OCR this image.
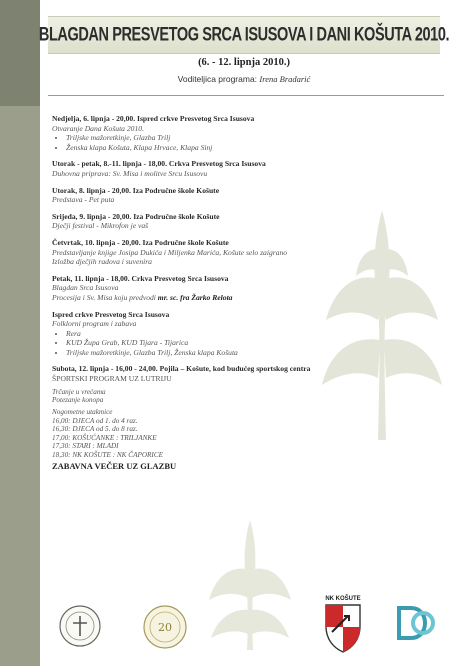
BLAGDAN PRESVETOG SRCA ISUSOVA I DANI KOŠUTA 2010.
(6. - 12. lipnja 2010.)
Voditeljica programa: Irena Bradarić
Nedjelja, 6. lipnja - 20,00. Ispred crkve Presvetog Srca Isusova
Otvaranje Dana Košuta 2010.
• Triljske mažoretkinje, Glazba Trilj
• Ženska klapa Košuta, Klapa Hrvace, Klapa Sinj
Utorak - petak, 8.-11. lipnja - 18,00. Crkva Presvetog Srca Isusova
Duhovna priprava: Sv. Misa i molitve Srcu Isusovu
Utorak, 8. lipnja - 20,00. Iza Područne škole Košute
Predstava - Pet puta
Srijeda, 9. lipnja - 20,00. Iza Područne škole Košute
Dječji festival - Mikrofon je vaš
Četvrtak, 10. lipnja - 20,00. Iza Područne škole Košute
Predstavljanje knjige Josipa Dukića i Miljenka Marića, Košute selo zaigrano
Izložba dječjih radova i suvenira
Petak, 11. lipnja - 18,00. Crkva Presvetog Srca Isusova
Blagdan Srca Isusova
Procesija i Sv. Misa koju predvodi mr. sc. fra Žarko Relota
Ispred crkve Presvetog Srca Isusova
Folklorni program i zabava
• Rera
• KUD Župa Grab, KUD Tijara - Tijarica
• Triljske mažoretkinje, Glazba Trilj, Ženska klapa Košuta
Subota, 12. lipnja - 16,00 - 24,00. Pojila – Košute, kod budućeg sportskog centra
ŠPORTSKI PROGRAM UZ LUTRIJU
Trčanje u vrećama
Potezanje konopa
Nogometne utakmice
16,00: DJECA od 1. do 4 raz.
16,30: DJECA od 5. do 8 raz.
17,00: KOŠUĆANKE : TRILJANKE
17,30: STARI : MLADI
18,30: NK KOŠUTE : NK ČAPORICE
ZABAVNA VEČER UZ GLAZBU
20
NK KOŠUTE
